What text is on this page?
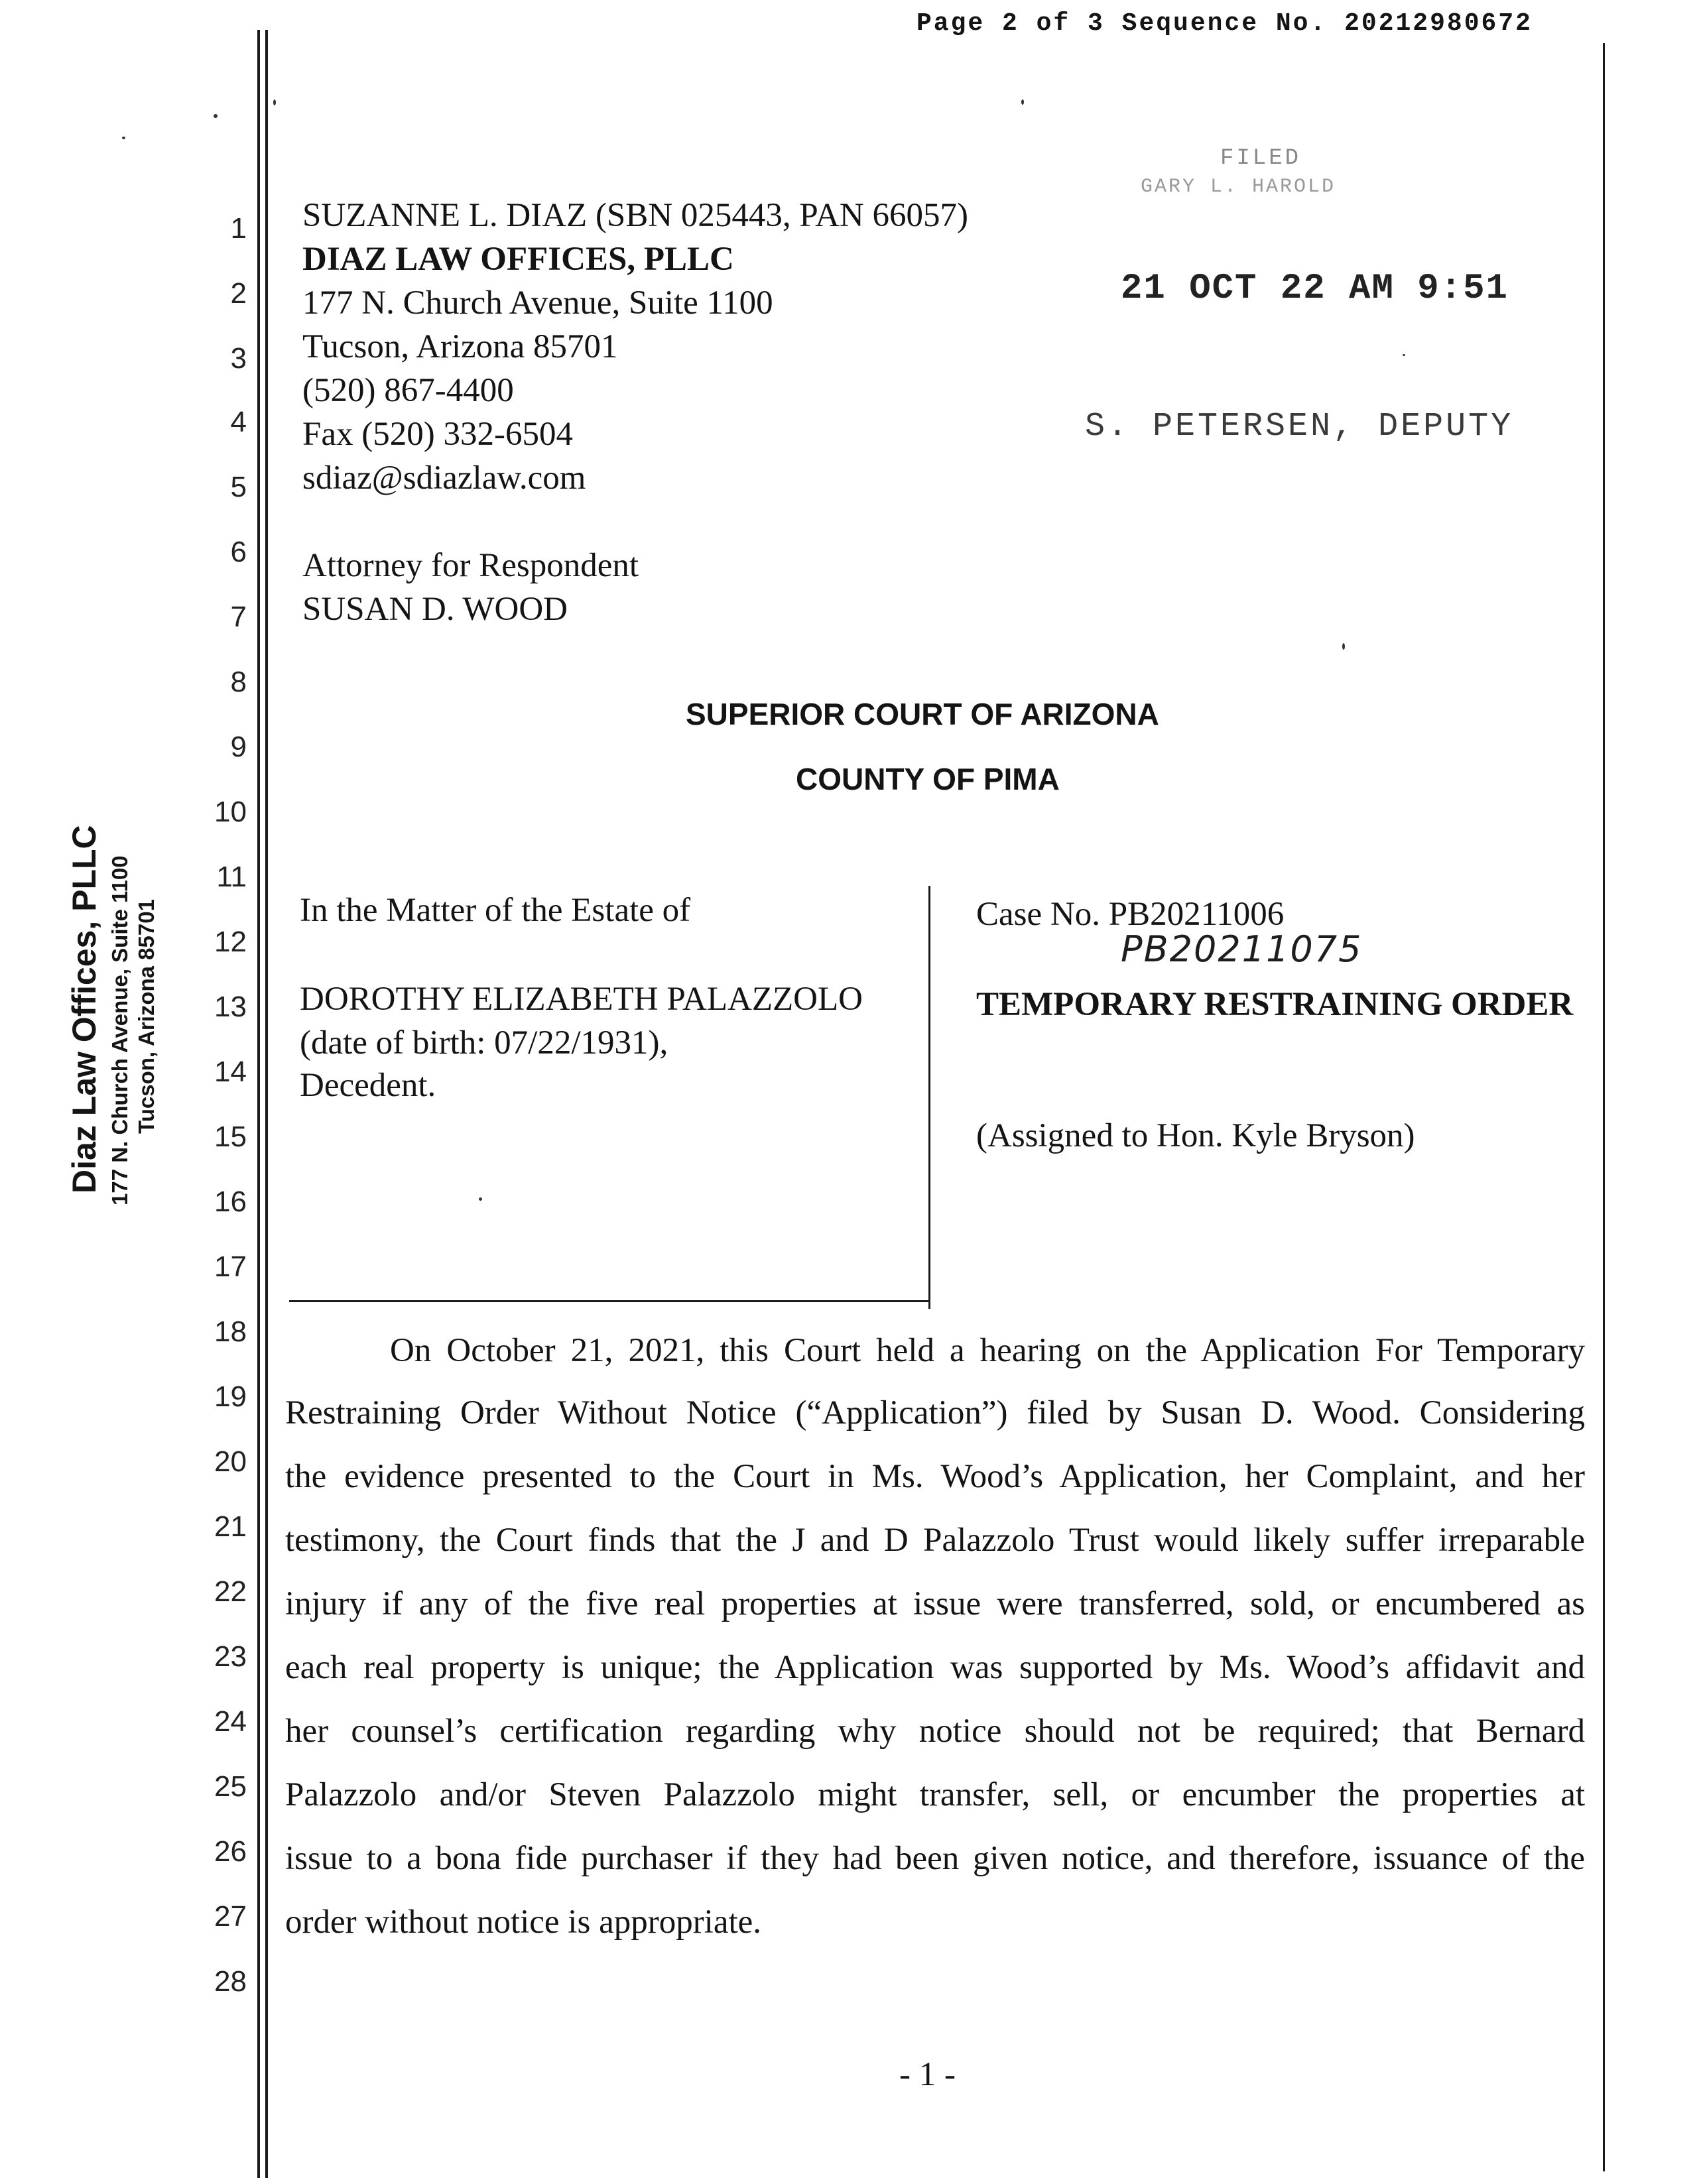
Page 2 of 3 Sequence No. 20212980672
1
2
3
4
5
6
7
8
9
10
11
12
13
14
15
16
17
18
19
20
21
22
23
24
25
26
27
28
Diaz Law Offices, PLLC 177 N. Church Avenue, Suite 1100 Tucson, Arizona 85701
SUZANNE L. DIAZ (SBN 025443, PAN 66057)
DIAZ LAW OFFICES, PLLC
177 N. Church Avenue, Suite 1100
Tucson, Arizona 85701
(520) 867-4400
Fax (520) 332-6504
sdiaz@sdiazlaw.com
Attorney for Respondent
SUSAN D. WOOD
FILED
GARY L. HAROLD
21 OCT 22 AM 9:51
S. PETERSEN, DEPUTY
SUPERIOR COURT OF ARIZONA
COUNTY OF PIMA
In the Matter of the Estate of
DOROTHY ELIZABETH PALAZZOLO
(date of birth: 07/22/1931),
Decedent.
Case No. PB20211006
PB20211075
TEMPORARY RESTRAINING ORDER
(Assigned to Hon. Kyle Bryson)
On October 21, 2021, this Court held a hearing on the Application For Temporary
Restraining Order Without Notice (“Application”) filed by Susan D. Wood. Considering
the evidence presented to the Court in Ms. Wood’s Application, her Complaint, and her
testimony, the Court finds that the J and D Palazzolo Trust would likely suffer irreparable
injury if any of the five real properties at issue were transferred, sold, or encumbered as
each real property is unique; the Application was supported by Ms. Wood’s affidavit and
her counsel’s certification regarding why notice should not be required; that Bernard
Palazzolo and/or Steven Palazzolo might transfer, sell, or encumber the properties at
issue to a bona fide purchaser if they had been given notice, and therefore, issuance of the
order without notice is appropriate.
- 1 -
